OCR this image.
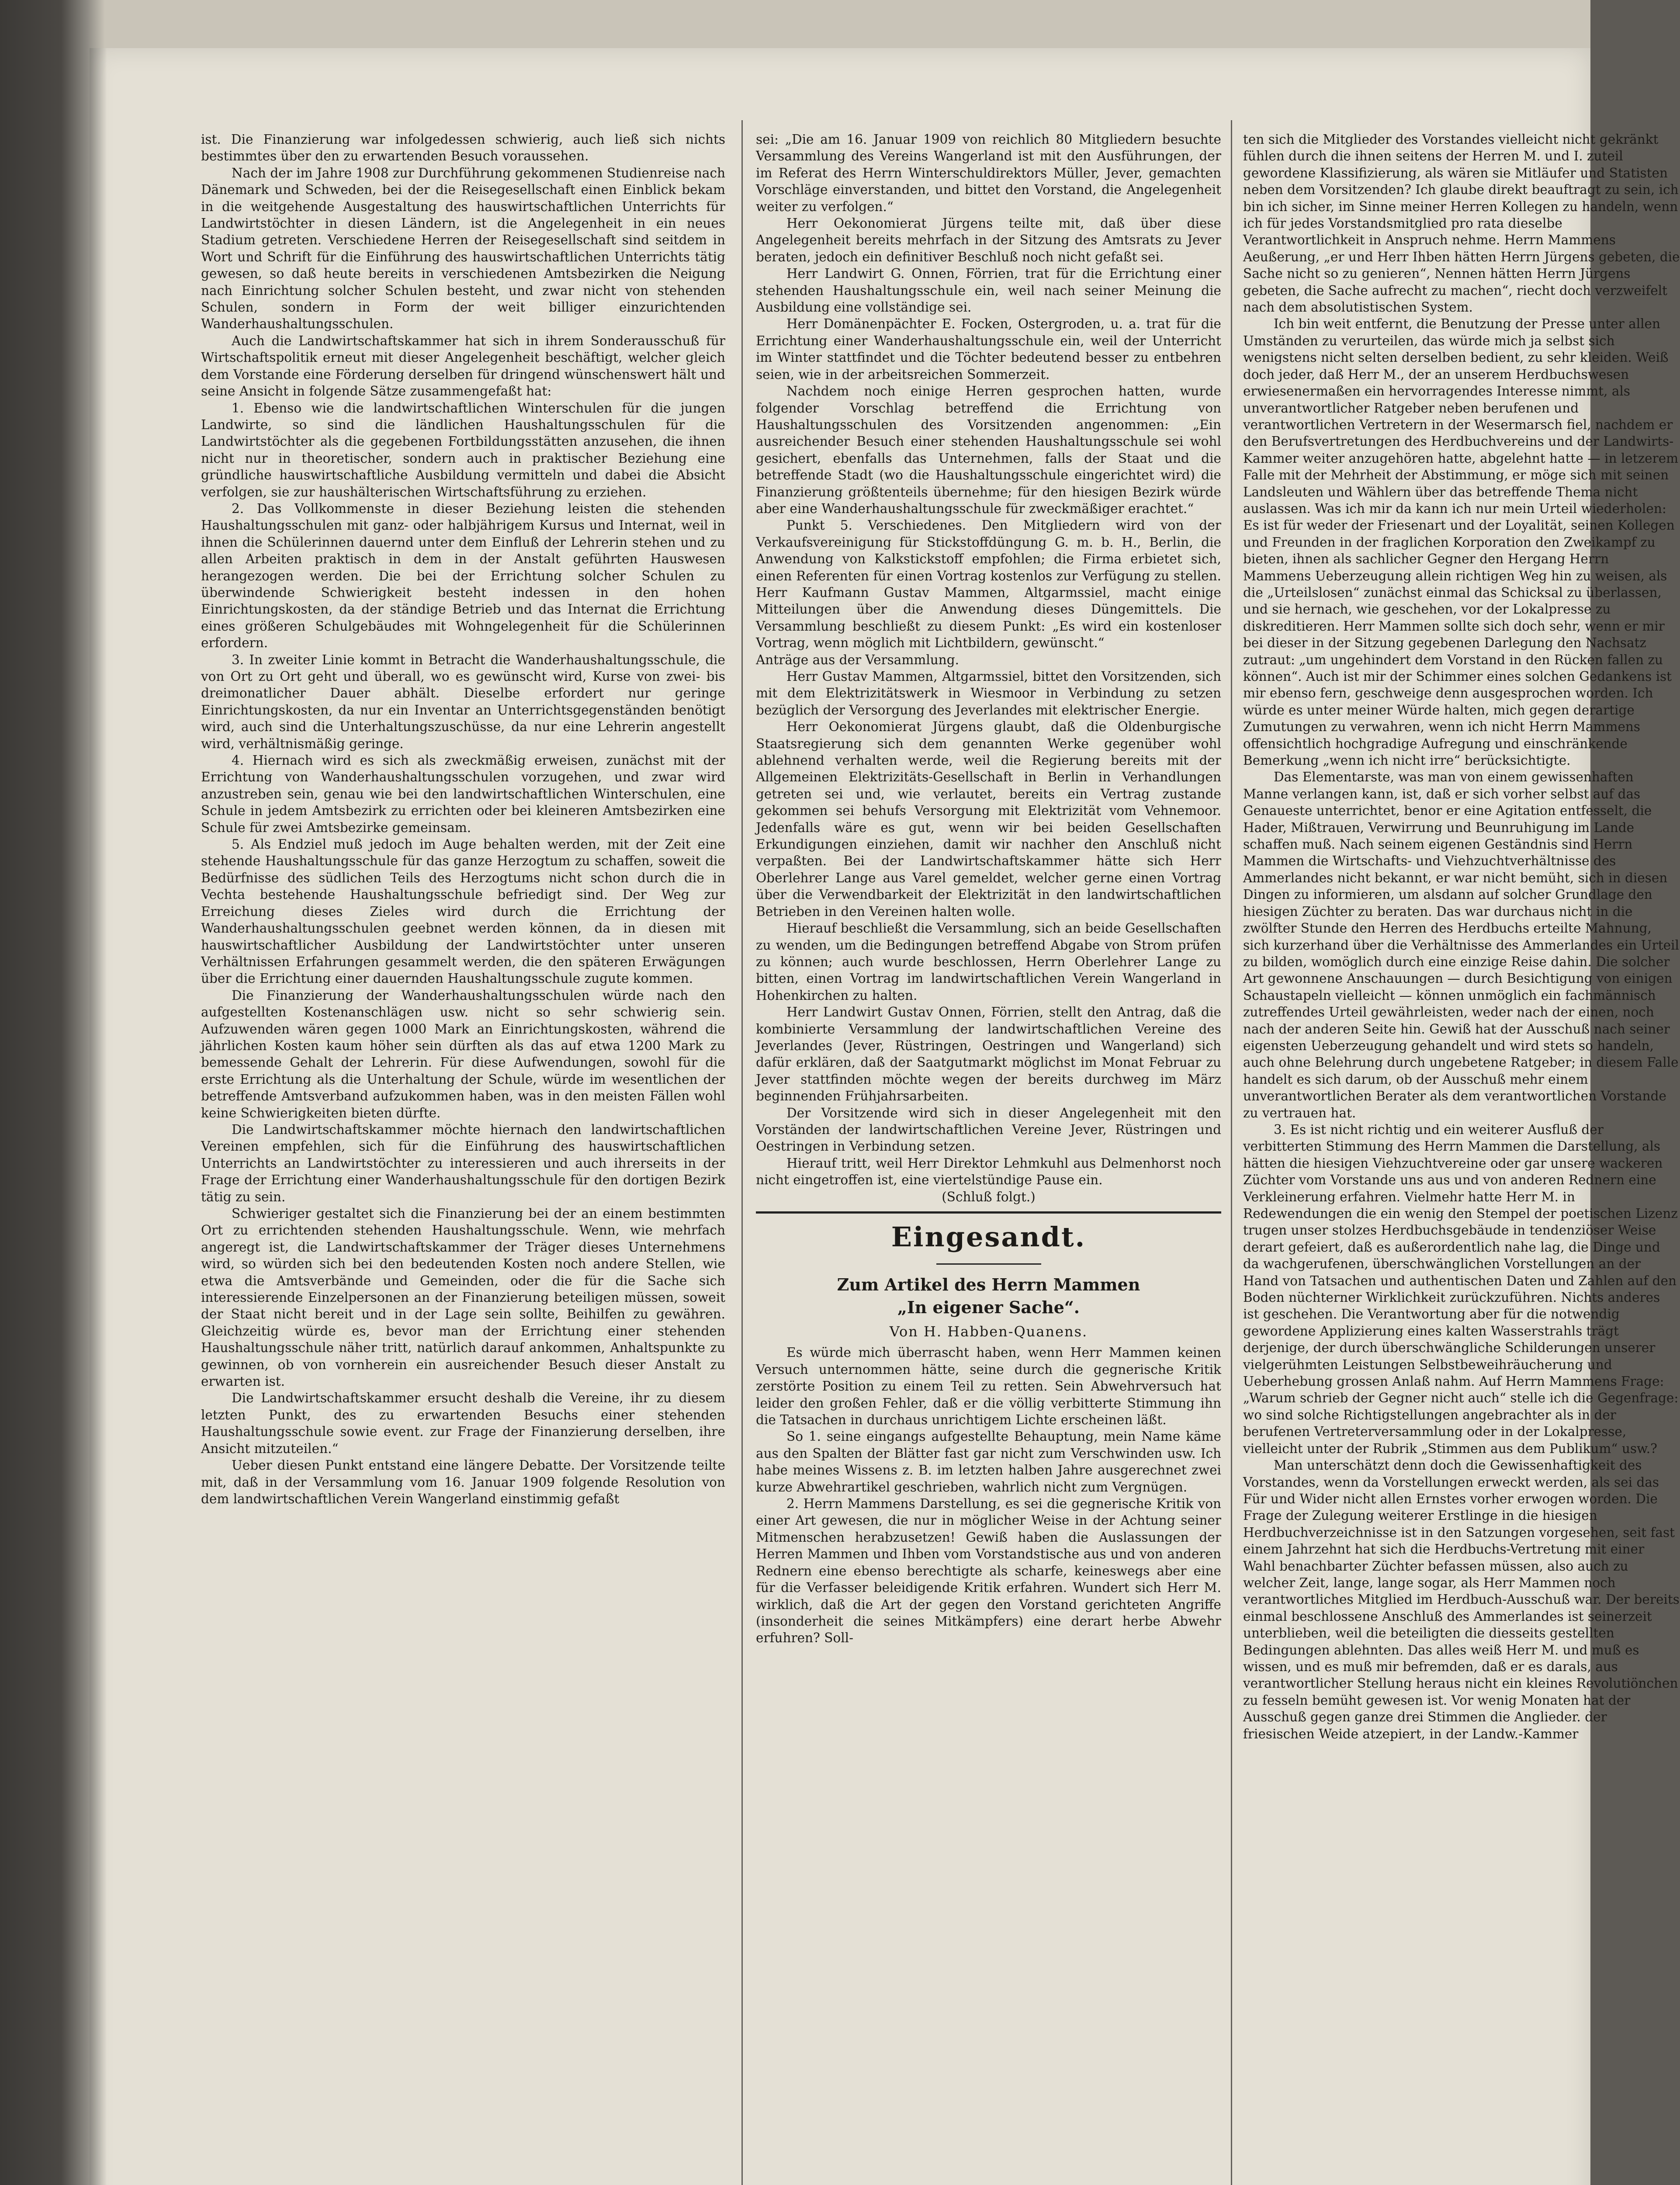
ist. Die Finanzierung war infolgedessen schwierig, auch ließ sich nichts bestimmtes über den zu erwartenden Besuch voraussehen.

Nach der im Jahre 1908 zur Durchführung gekommenen Studienreise nach Dänemark und Schweden, bei der die Reisegesellschaft einen Einblick bekam in die weitgehende Ausgestaltung des hauswirtschaftlichen Unterrichts für Landwirtstöchter in diesen Ländern, ist die Angelegenheit in ein neues Stadium getreten. Verschiedene Herren der Reisegesellschaft sind seitdem in Wort und Schrift für die Einführung des hauswirtschaftlichen Unterrichts tätig gewesen, so daß heute bereits in verschiedenen Amtsbezirken die Neigung nach Einrichtung solcher Schulen besteht, und zwar nicht von stehenden Schulen, sondern in Form der weit billiger einzurichtenden Wanderhaushaltungsschulen.

Auch die Landwirtschaftskammer hat sich in ihrem Sonderausschuß für Wirtschaftspolitik erneut mit dieser Angelegenheit beschäftigt, welcher gleich dem Vorstande eine Förderung derselben für dringend wünschenswert hält und seine Ansicht in folgende Sätze zusammengefaßt hat:

1. Ebenso wie die landwirtschaftlichen Winterschulen für die jungen Landwirte, so sind die ländlichen Haushaltungsschulen für die Landwirtstöchter als die gegebenen Fortbildungsstätten anzusehen, die ihnen nicht nur in theoretischer, sondern auch in praktischer Beziehung eine gründliche hauswirtschaftliche Ausbildung vermitteln und dabei die Absicht verfolgen, sie zur haushälterischen Wirtschaftsführung zu erziehen.

2. Das Vollkommenste in dieser Beziehung leisten die stehenden Haushaltungsschulen mit ganz- oder halbjährigem Kursus und Internat, weil in ihnen die Schülerinnen dauernd unter dem Einfluß der Lehrerin stehen und zu allen Arbeiten praktisch in dem in der Anstalt geführten Hauswesen herangezogen werden. Die bei der Errichtung solcher Schulen zu überwindende Schwierigkeit besteht indessen in den hohen Einrichtungskosten, da der ständige Betrieb und das Internat die Errichtung eines größeren Schulgebäudes mit Wohngelegenheit für die Schülerinnen erfordern.

3. In zweiter Linie kommt in Betracht die Wanderhaushaltungsschule, die von Ort zu Ort geht und überall, wo es gewünscht wird, Kurse von zwei- bis dreimonatlicher Dauer abhält. Dieselbe erfordert nur geringe Einrichtungskosten, da nur ein Inventar an Unterrichtsgegenständen benötigt wird, auch sind die Unterhaltungszuschüsse, da nur eine Lehrerin angestellt wird, verhältnismäßig geringe.

4. Hiernach wird es sich als zweckmäßig erweisen, zunächst mit der Errichtung von Wanderhaushaltungsschulen vorzugehen, und zwar wird anzustreben sein, genau wie bei den landwirtschaftlichen Winterschulen, eine Schule in jedem Amtsbezirk zu errichten oder bei kleineren Amtsbezirken eine Schule für zwei Amtsbezirke gemeinsam.

5. Als Endziel muß jedoch im Auge behalten werden, mit der Zeit eine stehende Haushaltungsschule für das ganze Herzogtum zu schaffen, soweit die Bedürfnisse des südlichen Teils des Herzogtums nicht schon durch die in Vechta bestehende Haushaltungsschule befriedigt sind. Der Weg zur Erreichung dieses Zieles wird durch die Errichtung der Wanderhaushaltungsschulen geebnet werden können, da in diesen mit hauswirtschaftlicher Ausbildung der Landwirtstöchter unter unseren Verhältnissen Erfahrungen gesammelt werden, die den späteren Erwägungen über die Errichtung einer dauernden Haushaltungsschule zugute kommen.

Die Finanzierung der Wanderhaushaltungsschulen würde nach den aufgestellten Kostenanschlägen usw. nicht so sehr schwierig sein. Aufzuwenden wären gegen 1000 Mark an Einrichtungskosten, während die jährlichen Kosten kaum höher sein dürften als das auf etwa 1200 Mark zu bemessende Gehalt der Lehrerin. Für diese Aufwendungen, sowohl für die erste Errichtung als die Unterhaltung der Schule, würde im wesentlichen der betreffende Amtsverband aufzukommen haben, was in den meisten Fällen wohl keine Schwierigkeiten bieten dürfte.

Die Landwirtschaftskammer möchte hiernach den landwirtschaftlichen Vereinen empfehlen, sich für die Einführung des hauswirtschaftlichen Unterrichts an Landwirtstöchter zu interessieren und auch ihrerseits in der Frage der Errichtung einer Wanderhaushaltungsschule für den dortigen Bezirk tätig zu sein.

Schwieriger gestaltet sich die Finanzierung bei der an einem bestimmten Ort zu errichtenden stehenden Haushaltungsschule. Wenn, wie mehrfach angeregt ist, die Landwirtschaftskammer der Träger dieses Unternehmens wird, so würden sich bei den bedeutenden Kosten noch andere Stellen, wie etwa die Amtsverbände und Gemeinden, oder die für die Sache sich interessierende Einzelpersonen an der Finanzierung beteiligen müssen, soweit der Staat nicht bereit und in der Lage sein sollte, Beihilfen zu gewähren. Gleichzeitig würde es, bevor man der Errichtung einer stehenden Haushaltungsschule näher tritt, natürlich darauf ankommen, Anhaltspunkte zu gewinnen, ob von vornherein ein ausreichender Besuch dieser Anstalt zu erwarten ist.

Die Landwirtschaftskammer ersucht deshalb die Vereine, ihr zu diesem letzten Punkt, des zu erwartenden Besuchs einer stehenden Haushaltungsschule sowie event. zur Frage der Finanzierung derselben, ihre Ansicht mitzuteilen.“

Ueber diesen Punkt entstand eine längere Debatte. Der Vorsitzende teilte mit, daß in der Versammlung vom 16. Januar 1909 folgende Resolution von dem landwirtschaftlichen Verein Wangerland einstimmig gefaßt

sei: „Die am 16. Januar 1909 von reichlich 80 Mitgliedern besuchte Versammlung des Vereins Wangerland ist mit den Ausführungen, der im Referat des Herrn Winterschuldirektors Müller, Jever, gemachten Vorschläge einverstanden, und bittet den Vorstand, die Angelegenheit weiter zu verfolgen.“

Herr Oekonomierat Jürgens teilte mit, daß über diese Angelegenheit bereits mehrfach in der Sitzung des Amtsrats zu Jever beraten, jedoch ein definitiver Beschluß noch nicht gefaßt sei.

Herr Landwirt G. Onnen, Förrien, trat für die Errichtung einer stehenden Haushaltungsschule ein, weil nach seiner Meinung die Ausbildung eine vollständige sei.

Herr Domänenpächter E. Focken, Ostergroden, u. a. trat für die Errichtung einer Wanderhaushaltungsschule ein, weil der Unterricht im Winter stattfindet und die Töchter bedeutend besser zu entbehren seien, wie in der arbeitsreichen Sommerzeit.

Nachdem noch einige Herren gesprochen hatten, wurde folgender Vorschlag betreffend die Errichtung von Haushaltungsschulen des Vorsitzenden angenommen: „Ein ausreichender Besuch einer stehenden Haushaltungsschule sei wohl gesichert, ebenfalls das Unternehmen, falls der Staat und die betreffende Stadt (wo die Haushaltungsschule eingerichtet wird) die Finanzierung größtenteils übernehme; für den hiesigen Bezirk würde aber eine Wanderhaushaltungsschule für zweckmäßiger erachtet.“

Punkt 5. Verschiedenes. Den Mitgliedern wird von der Verkaufsvereinigung für Stickstoffdüngung G. m. b. H., Berlin, die Anwendung von Kalkstickstoff empfohlen; die Firma erbietet sich, einen Referenten für einen Vortrag kostenlos zur Verfügung zu stellen. Herr Kaufmann Gustav Mammen, Altgarmssiel, macht einige Mitteilungen über die Anwendung dieses Düngemittels. Die Versammlung beschließt zu diesem Punkt: „Es wird ein kostenloser Vortrag, wenn möglich mit Lichtbildern, gewünscht.“

Anträge aus der Versammlung.

Herr Gustav Mammen, Altgarmssiel, bittet den Vorsitzenden, sich mit dem Elektrizitätswerk in Wiesmoor in Verbindung zu setzen bezüglich der Versorgung des Jeverlandes mit elektrischer Energie.

Herr Oekonomierat Jürgens glaubt, daß die Oldenburgische Staatsregierung sich dem genannten Werke gegenüber wohl ablehnend verhalten werde, weil die Regierung bereits mit der Allgemeinen Elektrizitäts-Gesellschaft in Berlin in Verhandlungen getreten sei und, wie verlautet, bereits ein Vertrag zustande gekommen sei behufs Versorgung mit Elektrizität vom Vehnemoor. Jedenfalls wäre es gut, wenn wir bei beiden Gesellschaften Erkundigungen einziehen, damit wir nachher den Anschluß nicht verpaßten. Bei der Landwirtschaftskammer hätte sich Herr Oberlehrer Lange aus Varel gemeldet, welcher gerne einen Vortrag über die Verwendbarkeit der Elektrizität in den landwirtschaftlichen Betrieben in den Vereinen halten wolle.

Hierauf beschließt die Versammlung, sich an beide Gesellschaften zu wenden, um die Bedingungen betreffend Abgabe von Strom prüfen zu können; auch wurde beschlossen, Herrn Oberlehrer Lange zu bitten, einen Vortrag im landwirtschaftlichen Verein Wangerland in Hohenkirchen zu halten.

Herr Landwirt Gustav Onnen, Förrien, stellt den Antrag, daß die kombinierte Versammlung der landwirtschaftlichen Vereine des Jeverlandes (Jever, Rüstringen, Oestringen und Wangerland) sich dafür erklären, daß der Saatgutmarkt möglichst im Monat Februar zu Jever stattfinden möchte wegen der bereits durchweg im März beginnenden Frühjahrsarbeiten.

Der Vorsitzende wird sich in dieser Angelegenheit mit den Vorständen der landwirtschaftlichen Vereine Jever, Rüstringen und Oestringen in Verbindung setzen.

Hierauf tritt, weil Herr Direktor Lehmkuhl aus Delmenhorst noch nicht eingetroffen ist, eine viertelstündige Pause ein.

(Schluß folgt.)

Eingesandt.
Zum Artikel des Herrn Mammen
„In eigener Sache“.
Von H. Habben-Quanens.

Es würde mich überrascht haben, wenn Herr Mammen keinen Versuch unternommen hätte, seine durch die gegnerische Kritik zerstörte Position zu einem Teil zu retten. Sein Abwehrversuch hat leider den großen Fehler, daß er die völlig verbitterte Stimmung ihn die Tatsachen in durchaus unrichtigem Lichte erscheinen läßt.

So 1. seine eingangs aufgestellte Behauptung, mein Name käme aus den Spalten der Blätter fast gar nicht zum Verschwinden usw. Ich habe meines Wissens z. B. im letzten halben Jahre ausgerechnet zwei kurze Abwehrartikel geschrieben, wahrlich nicht zum Vergnügen.

2. Herrn Mammens Darstellung, es sei die gegnerische Kritik von einer Art gewesen, die nur in möglicher Weise in der Achtung seiner Mitmenschen herabzusetzen! Gewiß haben die Auslassungen der Herren Mammen und Ihben vom Vorstandstische aus und von anderen Rednern eine ebenso berechtigte als scharfe, keineswegs aber eine für die Verfasser beleidigende Kritik erfahren. Wundert sich Herr M. wirklich, daß die Art der gegen den Vorstand gerichteten Angriffe (insonderheit die seines Mitkämpfers) eine derart herbe Abwehr erfuhren? Soll-

ten sich die Mitglieder des Vorstandes vielleicht nicht gekränkt fühlen durch die ihnen seitens der Herren M. und I. zuteil gewordene Klassifizierung, als wären sie Mitläufer und Statisten neben dem Vorsitzenden? Ich glaube direkt beauftragt zu sein, ich bin ich sicher, im Sinne meiner Herren Kollegen zu handeln, wenn ich für jedes Vorstandsmitglied pro rata dieselbe Verantwortlichkeit in Anspruch nehme. Herrn Mammens Aeußerung, „er und Herr Ihben hätten Herrn Jürgens gebeten, die Sache nicht so zu genieren“, Nennen hätten Herrn Jürgens gebeten, die Sache aufrecht zu machen“, riecht doch verzweifelt nach dem absolutistischen System.

Ich bin weit entfernt, die Benutzung der Presse unter allen Umständen zu verurteilen, das würde mich ja selbst sich wenigstens nicht selten derselben bedient, zu sehr kleiden. Weiß doch jeder, daß Herr M., der an unserem Herdbuchswesen erwiesenermaßen ein hervorragendes Interesse nimmt, als unverantwortlicher Ratgeber neben berufenen und verantwortlichen Vertretern in der Wesermarsch fiel, nachdem er den Berufsvertretungen des Herdbuchvereins und der Landwirts-Kammer weiter anzugehören hatte, abgelehnt hatte — in letzerem Falle mit der Mehrheit der Abstimmung, er möge sich mit seinen Landsleuten und Wählern über das betreffende Thema nicht auslassen. Was ich mir da kann ich nur mein Urteil wiederholen: Es ist für weder der Friesenart und der Loyalität, seinen Kollegen und Freunden in der fraglichen Korporation den Zweikampf zu bieten, ihnen als sachlicher Gegner den Hergang Herrn Mammens Ueberzeugung allein richtigen Weg hin zu weisen, als die „Urteilslosen“ zunächst einmal das Schicksal zu überlassen, und sie hernach, wie geschehen, vor der Lokalpresse zu diskreditieren. Herr Mammen sollte sich doch sehr, wenn er mir bei dieser in der Sitzung gegebenen Darlegung den Nachsatz zutraut: „um ungehindert dem Vorstand in den Rücken fallen zu können“. Auch ist mir der Schimmer eines solchen Gedankens ist mir ebenso fern, geschweige denn ausgesprochen worden. Ich würde es unter meiner Würde halten, mich gegen derartige Zumutungen zu verwahren, wenn ich nicht Herrn Mammens offensichtlich hochgradige Aufregung und einschränkende Bemerkung „wenn ich nicht irre“ berücksichtigte.

Das Elementarste, was man von einem gewissenhaften Manne verlangen kann, ist, daß er sich vorher selbst auf das Genaueste unterrichtet, benor er eine Agitation entfesselt, die Hader, Mißtrauen, Verwirrung und Beunruhigung im Lande schaffen muß. Nach seinem eigenen Geständnis sind Herrn Mammen die Wirtschafts- und Viehzuchtverhältnisse des Ammerlandes nicht bekannt, er war nicht bemüht, sich in diesen Dingen zu informieren, um alsdann auf solcher Grundlage den hiesigen Züchter zu beraten. Das war durchaus nicht in die zwölfter Stunde den Herren des Herdbuchs erteilte Mahnung, sich kurzerhand über die Verhältnisse des Ammerlandes ein Urteil zu bilden, womöglich durch eine einzige Reise dahin. Die solcher Art gewonnene Anschauungen — durch Besichtigung von einigen Schaustapeln vielleicht — können unmöglich ein fachmännisch zutreffendes Urteil gewährleisten, weder nach der einen, noch nach der anderen Seite hin. Gewiß hat der Ausschuß nach seiner eigensten Ueberzeugung gehandelt und wird stets so handeln, auch ohne Belehrung durch ungebetene Ratgeber; in diesem Falle handelt es sich darum, ob der Ausschuß mehr einem unverantwortlichen Berater als dem verantwortlichen Vorstande zu vertrauen hat.

3. Es ist nicht richtig und ein weiterer Ausfluß der verbitterten Stimmung des Herrn Mammen die Darstellung, als hätten die hiesigen Viehzuchtvereine oder gar unsere wackeren Züchter vom Vorstande uns aus und von anderen Rednern eine Verkleinerung erfahren. Vielmehr hatte Herr M. in Redewendungen die ein wenig den Stempel der poetischen Lizenz trugen unser stolzes Herdbuchsgebäude in tendenziöser Weise derart gefeiert, daß es außerordentlich nahe lag, die Dinge und da wachgerufenen, überschwänglichen Vorstellungen an der Hand von Tatsachen und authentischen Daten und Zahlen auf den Boden nüchterner Wirklichkeit zurückzuführen. Nichts anderes ist geschehen. Die Verantwortung aber für die notwendig gewordene Applizierung eines kalten Wasserstrahls trägt derjenige, der durch überschwängliche Schilderungen unserer vielgerühmten Leistungen Selbstbeweihräucherung und Ueberhebung grossen Anlaß nahm. Auf Herrn Mammens Frage: „Warum schrieb der Gegner nicht auch“ stelle ich die Gegenfrage: wo sind solche Richtigstellungen angebrachter als in der berufenen Vertreterversammlung oder in der Lokalpresse, vielleicht unter der Rubrik „Stimmen aus dem Publikum“ usw.?

Man unterschätzt denn doch die Gewissenhaftigkeit des Vorstandes, wenn da Vorstellungen erweckt werden, als sei das Für und Wider nicht allen Ernstes vorher erwogen worden. Die Frage der Zulegung weiterer Erstlinge in die hiesigen Herdbuchverzeichnisse ist in den Satzungen vorgesehen, seit fast einem Jahrzehnt hat sich die Herdbuchs-Vertretung mit einer Wahl benachbarter Züchter befassen müssen, also auch zu welcher Zeit, lange, lange sogar, als Herr Mammen noch verantwortliches Mitglied im Herdbuch-Ausschuß war. Der bereits einmal beschlossene Anschluß des Ammerlandes ist seinerzeit unterblieben, weil die beteiligten die diesseits gestellten Bedingungen ablehnten. Das alles weiß Herr M. und muß es wissen, und es muß mir befremden, daß er es darals, aus verantwortlicher Stellung heraus nicht ein kleines Revolutiönchen zu fesseln bemüht gewesen ist. Vor wenig Monaten hat der Ausschuß gegen ganze drei Stimmen die Anglieder. der friesischen Weide atzepiert, in der Landw.-Kammer
